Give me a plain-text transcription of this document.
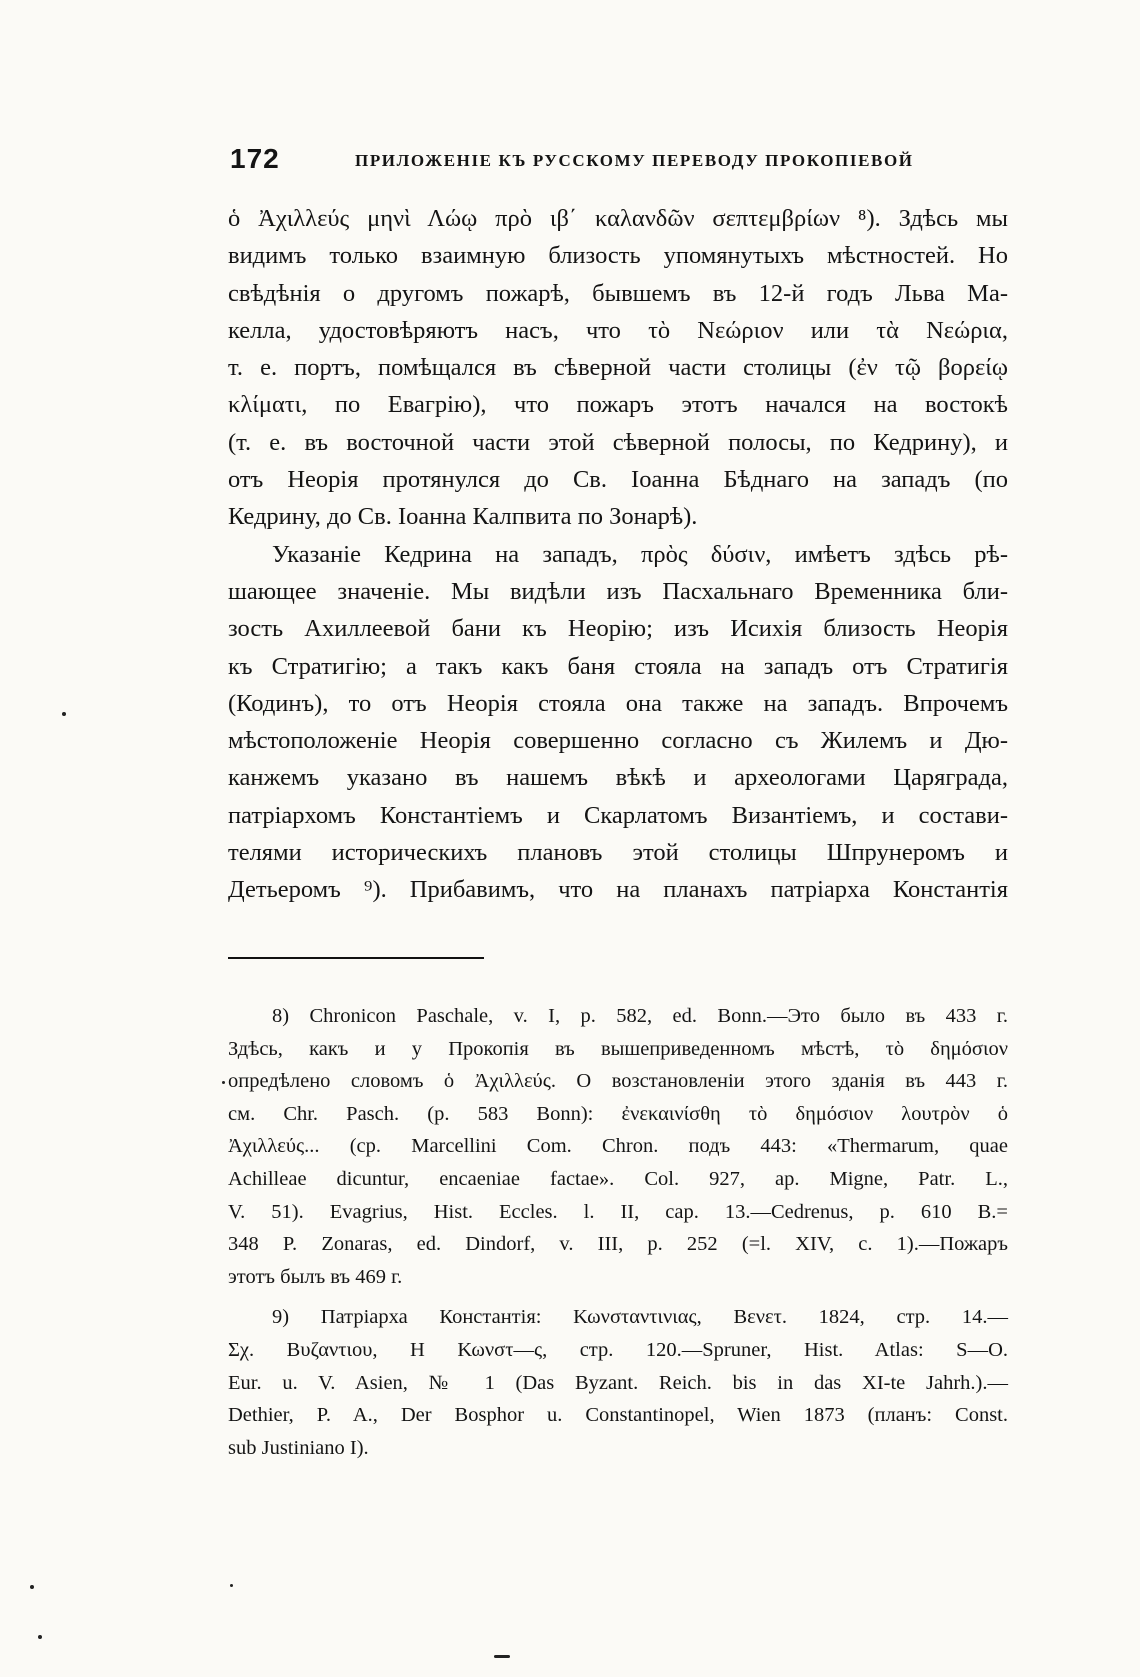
172	ПРИЛОЖЕНІЕ КЪ РУССКОМУ ПЕРЕВОДУ ПРОКОПІЕВОЙ
ὁ Ἀχιλλεύς μηνὶ Λώῳ πρὸ ιβ΄ καλανδῶν σεπτεμβρίων ⁸). Здѣсь мы
видимъ только взаимную близость упомянутыхъ мѣстностей. Но
свѣдѣнія о другомъ пожарѣ, бывшемъ въ 12-й годъ Льва Ма-
келла, удостовѣряютъ насъ, что τὸ Νεώριον или τὰ Νεώρια,
т. е. портъ, помѣщался въ сѣверной части столицы (ἐν τῷ βορείῳ
κλίματι, по Евагрію), что пожаръ этотъ начался на востокѣ
(т. е. въ восточной части этой сѣверной полосы, по Кедрину), и
отъ Неорія протянулся до Св. Іоанна Бѣднаго на западъ (по
Кедрину, до Св. Іоанна Калпвита по Зонарѣ).
Указаніе Кедрина на западъ, πρὸς δύσιν, имѣетъ здѣсь рѣ-
шающее значеніе. Мы видѣли изъ Пасхальнаго Временника бли-
зость Ахиллеевой бани къ Неорію; изъ Исихія близость Неорія
къ Стратигію; а такъ какъ баня стояла на западъ отъ Стратигія
(Кодинъ), то отъ Неорія стояла она также на западъ. Впрочемъ
мѣстоположеніе Неорія совершенно согласно съ Жилемъ и Дю-
канжемъ указано въ нашемъ вѣкѣ и археологами Царяграда,
патріархомъ Константіемъ и Скарлатомъ Византіемъ, и состави-
телями историческихъ плановъ этой столицы Шпрунеромъ и
Детьеромъ ⁹). Прибавимъ, что на планахъ патріарха Константія
8) Chronicon Paschale, v. I, p. 582, ed. Bonn.—Это было въ 433 г.
Здѣсь, какъ и у Прокопія въ вышеприведенномъ мѣстѣ, τὸ δημόσιον
опредѣлено словомъ ὁ Ἀχιλλεύς. О возстановленіи этого зданія въ 443 г.
см. Chr. Pasch. (p. 583 Bonn): ἐνεκαινίσθη τὸ δημόσιον λουτρὸν ὁ
Ἀχιλλεύς... (ср. Marcellini Com. Chron. подъ 443: «Thermarum, quae
Achilleae dicuntur, encaeniae factae». Col. 927, ap. Migne, Patr. L.,
V. 51). Evagrius, Hist. Eccles. l. II, cap. 13.—Cedrenus, p. 610 B.=
348 P. Zonaras, ed. Dindorf, v. III, p. 252 (=l. XIV, c. 1).—Пожаръ
этотъ былъ въ 469 г.
9) Патріарха Константія: Κωνσταντινιας, Βενετ. 1824, стр. 14.—
Σχ. Βυζαντιου, Η Κωνστ—ς, стр. 120.—Spruner, Hist. Atlas: S—O.
Eur. u. V. Asien, № 1 (Das Byzant. Reich. bis in das XI-te Jahrh.).—
Dethier, P. A., Der Bosphor u. Constantinopel, Wien 1873 (планъ: Const.
sub Justiniano I).
